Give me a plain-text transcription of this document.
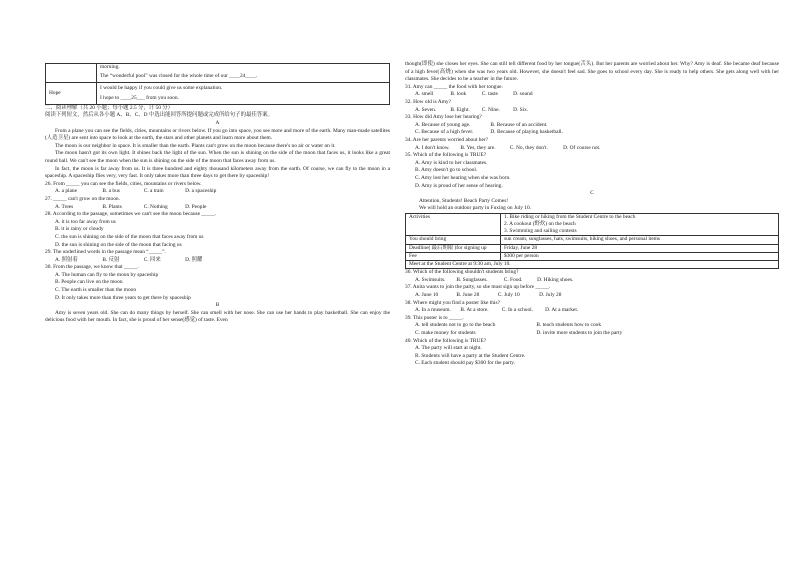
	morning.

The “wonderful pool” was closed for the whole time of our ____24____.

Hope	I would be happy if you could give us some explanation.

I hope to ____25___ from you soon.

二、阅读理解（共 20 小题；每小题 2.5 分，计 50 分）

阅读下列短文，然后从各小题 A、B、C、D 中选出能回答所提问题或完成所给句子的最佳答案。

A

From a plane you can see the fields, cities, mountains or rivers below. If you go into space, you see more and more of the earth. Many man-made satellites (人造卫星) are sent into space to look at the earth, the stars and other planets and learn more about them.

The moon is our neighbor in space. It is smaller than the earth. Plants can't grow on the moon because there's no air or water on it.

The moon hasn't got its own light. It shines back the light of the sun. When the sun is shining on the side of the moon that faces us, it looks like a great round ball. We can't see the moon when the sun is shining on the side of the moon that faces away from us.

In fact, the moon is far away from us. It is three hundred and eighty thousand kilometers away from the earth. Of course, we can fly to the moon in a spaceship. A spaceship flies very, very fast. It only takes more than three days to get there by spaceship!

26. From _____ you can see the fields, cities, mountains or rivers below.

A. a plane	B. a bus	C. a train	D. a spaceship

27. _____ can't grow on the moon.

A. Trees	B. Plants	C. Nothing	D. People

28. According to the passage, sometimes we can't see the moon because _____.

A. it is too far away from us

B. it is rainy or cloudy

C. the sun is shining on the side of the moon that faces away from us

D. the sun is shining on the side of the moon that facing us

29. The underlined words in the passage mean “_____”.

A. 照射着	B. 反射	C. 回来	D. 照耀

30. From the passage, we know that _____.

A. The human can fly to the moon by spaceship

B. People can live on the moon

C. The earth is smaller than the moon

D. It only takes more than three years to get there by spaceship

B

Amy is seven years old. She can do many things by herself. She can smell with her nose. She can use her hands to play basketball. She can enjoy the delicious food with her mouth. In fact, she is proud of her sense(感觉) of taste. Even

though(即使) she closes her eyes. She can still tell different food by her tongue(舌头). But her parents are worried about her. Why? Amy is deaf. She became deaf because of a high fever(高烧) when she was two years old. However, she doesn't feel sad. She goes to school every day. She is ready to help others. She gets along well with her classmates. She decides to be a teacher in the future.

31. Amy can _____ the food with her tongue.

A. smell	B. look	C. taste	D. sound

32. How old is Amy?

A. Seven.	B. Eight. C. Nine. D. Six.

33. How did Amy lose her hearing?

A. Because of young age.	B. Because of an accident.

C. Because of a high fever.	D. Because of playing basketball.

34. Are her parents worried about her?

A. I don't know. B. Yes, they are.	C. No, they don't.	D. Of course not.

35. Which of the following is TRUE?

A. Amy is kind to her classmates.

B. Amy doesn't go to school.

C. Amy lost her hearing when she was born.

D. Amy is proud of her sense of hearing.

C

Attention, Students! Beach Party Comes!

We will hold an outdoor party in Fuxing on July 10.

Activities	1. Bike riding or hiking from the Student Centre to the beach

2. A cookout (野炊) on the beach

3. Swimming and sailing contests

You should bring	sun cream, sunglasses, hats, swimsuits, hiking shoes, and personal items
Deadline( 最后期限 )for signing up	Friday, June 28
Fee	$300 per person
Meet at the Student Centre at 9:30 am, July 10.	

36. Which of the following shouldn't students bring?

A. Swimsuits. B. Sunglasses.	C. Food.	D. Hiking shoes.

37. Anita wants to join the party, so she must sign up before _____.

A. June 10	B. June 28	C. July 10	D. July 28

38. Where might you find a poster like this?

A. In a museum. B. At a store. C. In a school. D. At a market.

39. This poster is to _____.

A. tell students not to go to the beach	B. teach students how to cook

C. make money for students	D. invite more students to join the party

40. Which of the following is TRUE?

A. The party will start at night.

B. Students will have a party at the Student Centre.

C. Each student should pay $300 for the party.
